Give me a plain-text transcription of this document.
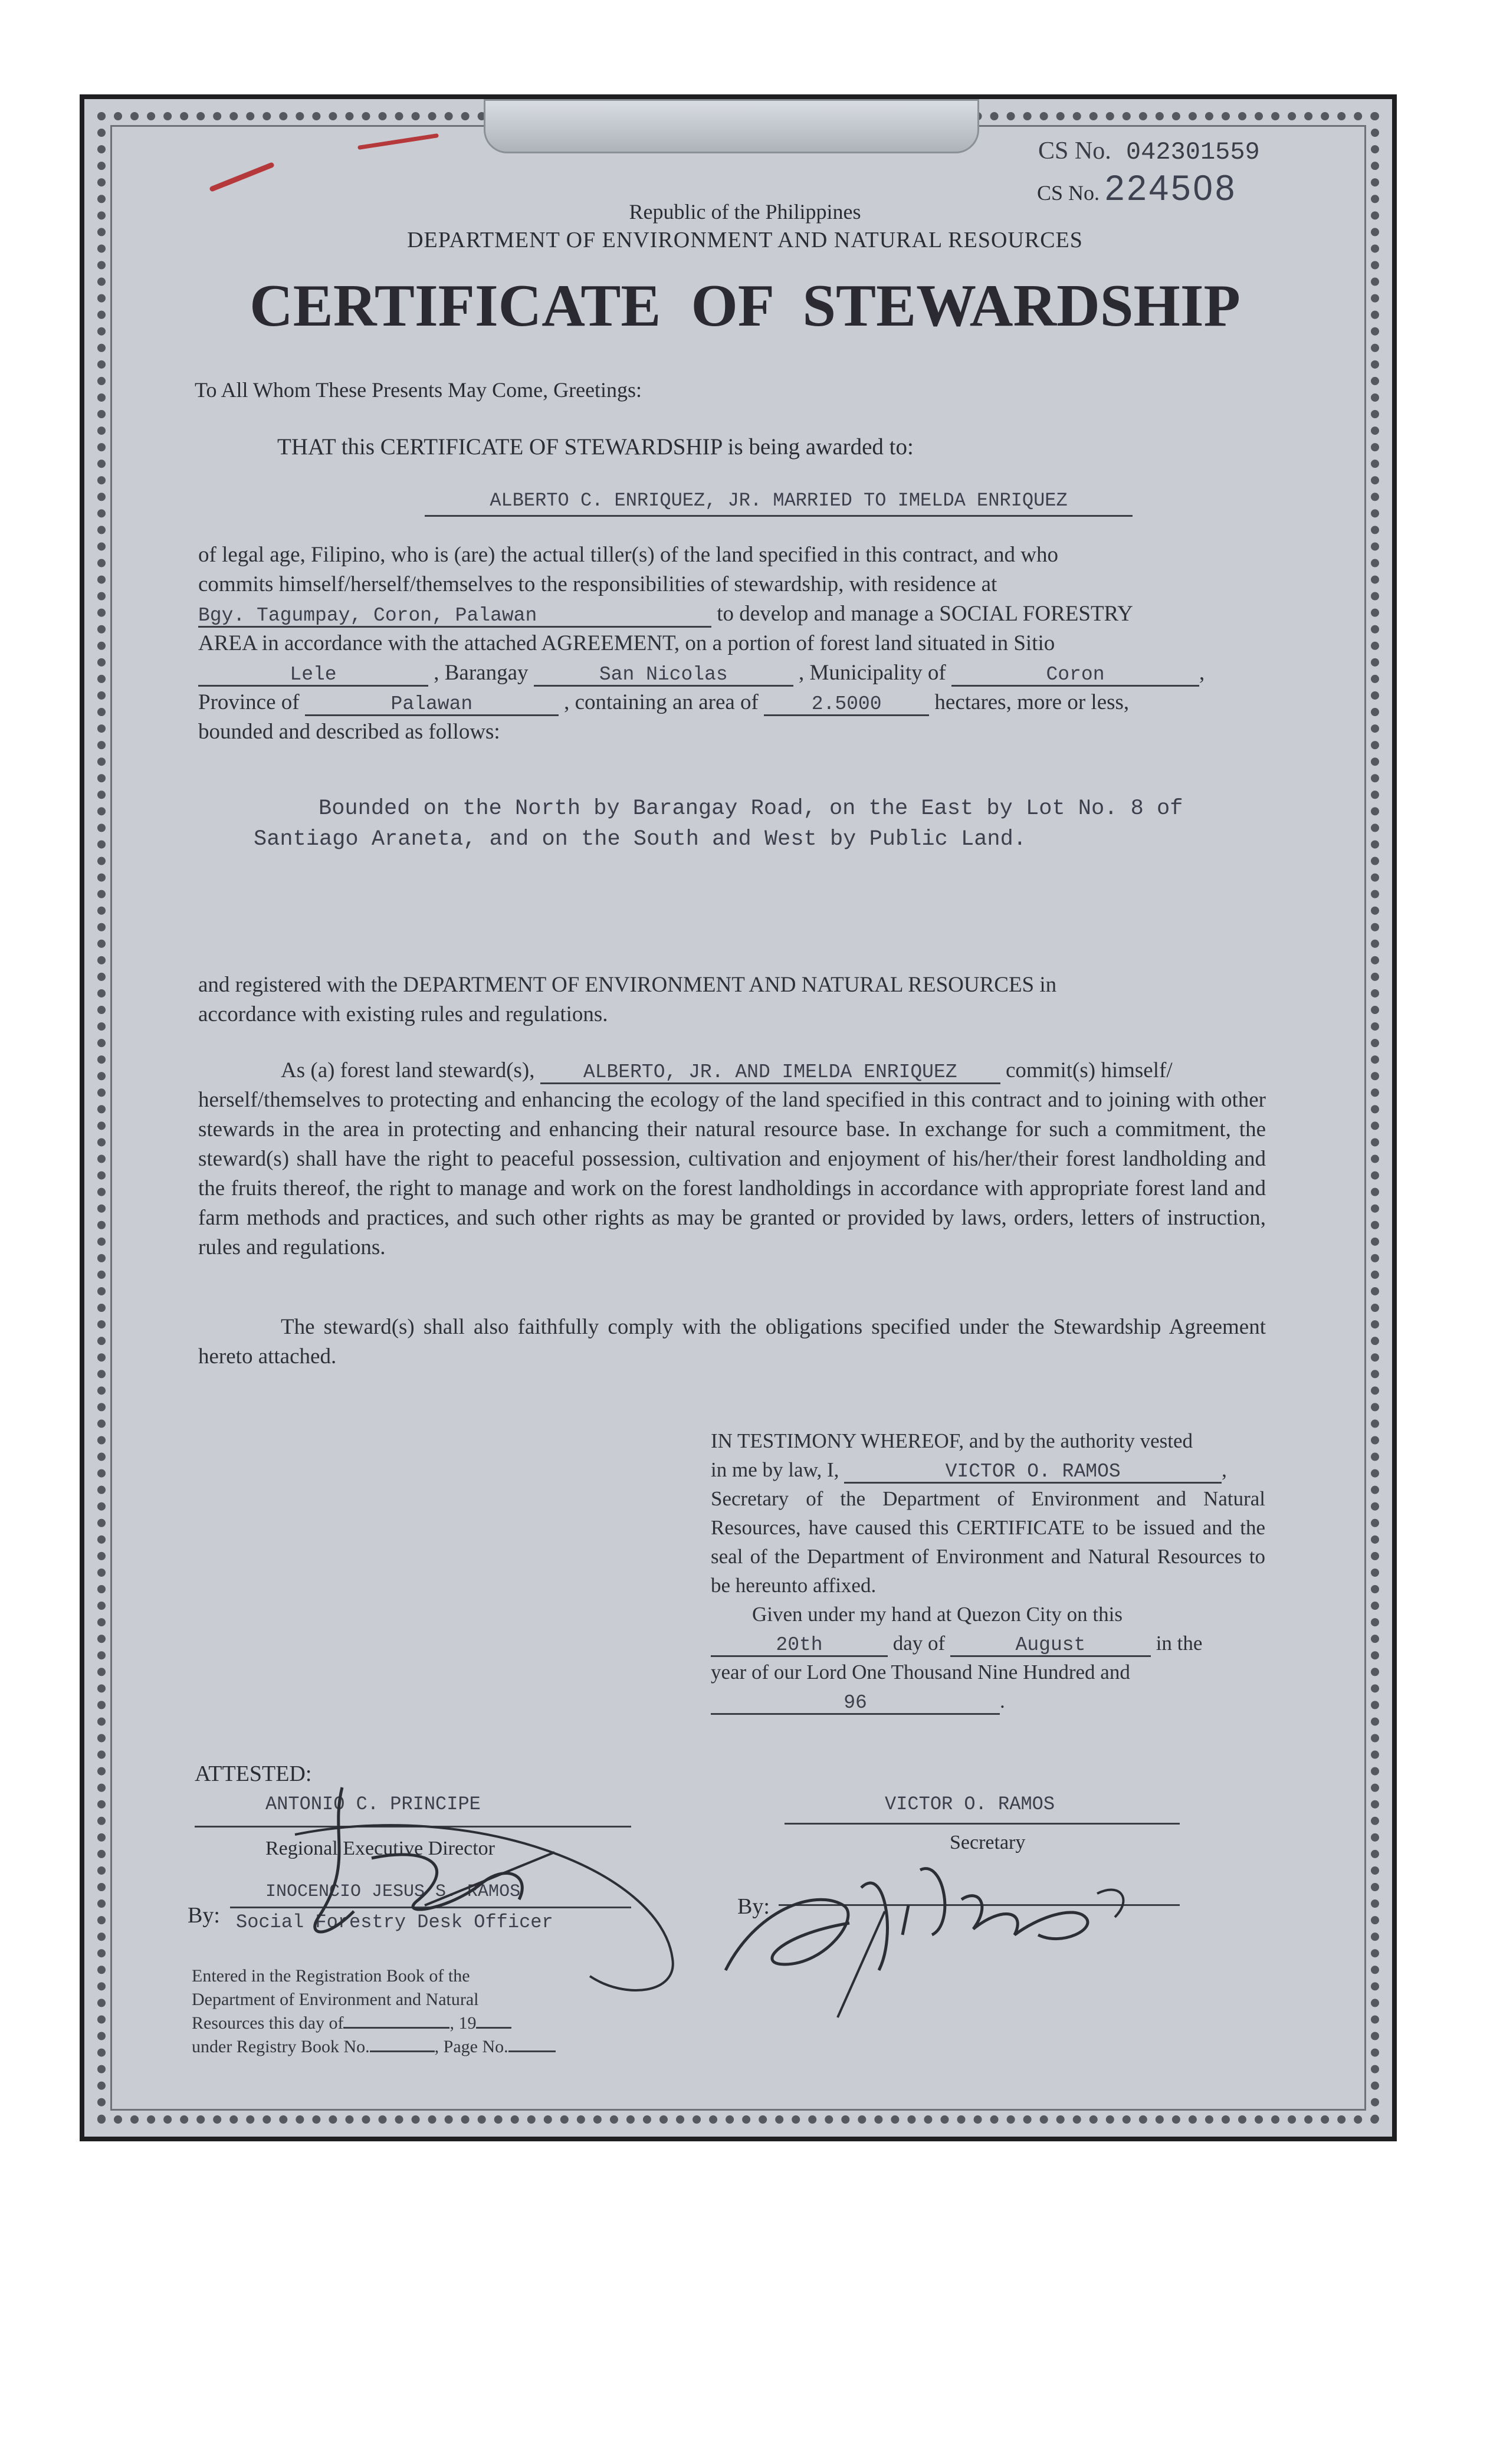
CS No. 042301559
CS No. 224508
Republic of the Philippines
DEPARTMENT OF ENVIRONMENT AND NATURAL RESOURCES
CERTIFICATE  OF  STEWARDSHIP
To All Whom These Presents May Come, Greetings:
THAT this CERTIFICATE OF STEWARDSHIP is being awarded to:
ALBERTO C. ENRIQUEZ, JR. MARRIED TO IMELDA ENRIQUEZ
of legal age, Filipino, who is (are) the actual tiller(s) of the land specified in this contract, and who
commits himself/herself/themselves to the responsibilities of stewardship, with residence at
Bgy. Tagumpay, Coron, Palawan	to develop and manage a SOCIAL FORESTRY
AREA in accordance with the attached AGREEMENT, on a portion of forest land situated in Sitio
Lele	, Barangay	San Nicolas	, Municipality of	Coron	,
Province of	Palawan	, containing an area of	2.5000 hectares, more or less,
bounded and described as follows:
Bounded on the North by Barangay Road, on the East by Lot No. 8 of
Santiago Araneta, and on the South and West by Public Land.
and registered with the DEPARTMENT OF ENVIRONMENT AND NATURAL RESOURCES in
accordance with existing rules and regulations.
As (a) forest land steward(s), ALBERTO, JR. AND IMELDA ENRIQUEZ commit(s) himself/
herself/themselves to protecting and enhancing the ecology of the land specified in this contract and to joining with other stewards in the area in protecting and enhancing their natural resource base. In exchange for such a commitment, the steward(s) shall have the right to peaceful possession, cultivation and enjoyment of his/her/their forest landholding and the fruits thereof, the right to manage and work on the forest landholdings in accordance with appropriate forest land and farm methods and practices, and such other rights as may be granted or provided by laws, orders, letters of instruction, rules and regulations.
The steward(s) shall also faithfully comply with the obligations specified under the Stewardship Agreement hereto attached.
IN TESTIMONY WHEREOF, and by the authority vested
in me by law, I,	VICTOR O. RAMOS	,
Secretary of the Department of Environment and Natural Resources, have caused this CERTIFICATE to be issued and the seal of the Department of Environment and Natural Resources to be hereunto affixed.
Given under my hand at Quezon City on this
20th	day of	August	in the
year of our Lord One Thousand Nine Hundred and
96	.
ATTESTED:
ANTONIO C. PRINCIPE
Regional Executive Director
By:
INOCENCIO JESUS S. RAMOS
Social Forestry Desk Officer
VICTOR O. RAMOS
Secretary
By:
Entered in the Registration Book of the
Department of Environment and Natural
Resources this day of	, 19
under Registry Book No.	, Page No.
